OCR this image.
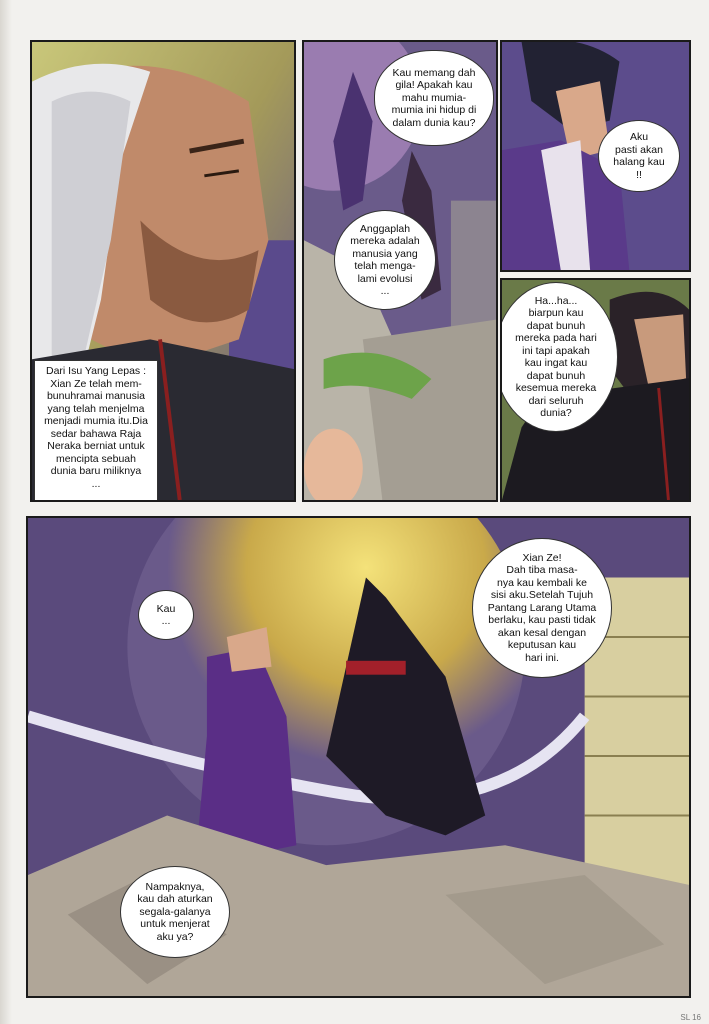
Dari Isu Yang Lepas :
Xian Ze telah mem-
bunuhramai manusia
yang telah menjelma
menjadi mumia itu.Dia
sedar bahawa Raja
Neraka berniat untuk
mencipta sebuah
dunia baru miliknya
...
Kau memang dah
gila! Apakah kau
mahu mumia-
mumia ini hidup di
dalam dunia kau?
Anggaplah
mereka adalah
manusia yang
telah menga-
lami evolusi
...
Aku
pasti akan
halang kau
!!
Ha...ha...
biarpun kau
dapat bunuh
mereka pada hari
ini tapi apakah
kau ingat kau
dapat bunuh
kesemua mereka
dari seluruh
dunia?
Kau
...
Xian Ze!
Dah tiba masa-
nya kau kembali ke
sisi aku.Setelah Tujuh
Pantang Larang Utama
berlaku, kau pasti tidak
akan kesal dengan
keputusan kau
hari ini.
Nampaknya,
kau dah aturkan
segala-galanya
untuk menjerat
aku ya?
SL 16
